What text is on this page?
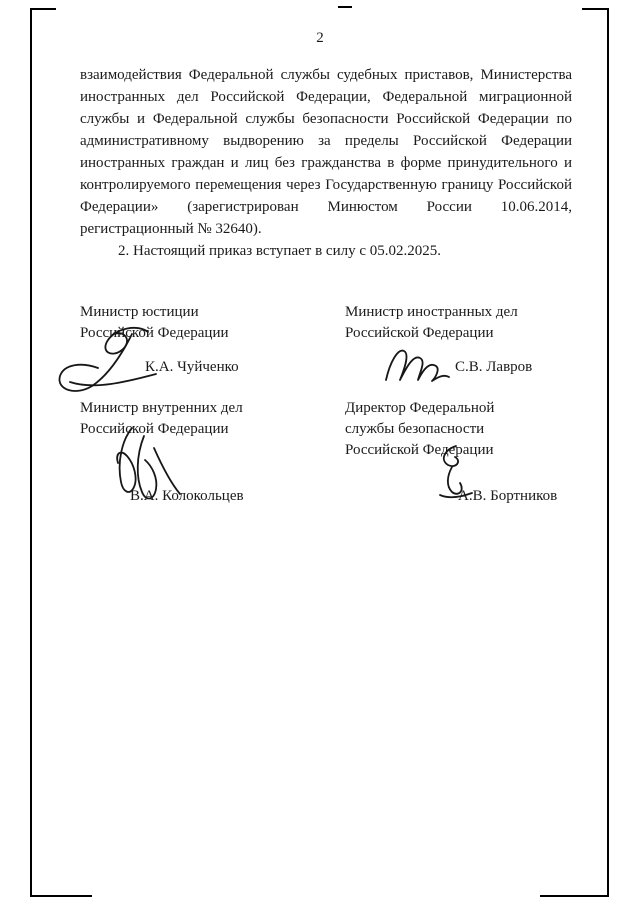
2

взаимодействия Федеральной службы судебных приставов, Министерства иностранных дел Российской Федерации, Федеральной миграционной службы и Федеральной службы безопасности Российской Федерации по административному выдворению за пределы Российской Федерации иностранных граждан и лиц без гражданства в форме принудительного и контролируемого перемещения через Государственную границу Российской Федерации» (зарегистрирован Минюстом России 10.06.2014, регистрационный № 32640).

2. Настоящий приказ вступает в силу с 05.02.2025.

Министр юстиции
Российской Федерации
Министр иностранных дел
Российской Федерации
Министр внутренних дел
Российской Федерации
Директор Федеральной
службы безопасности
Российской Федерации
К.А. Чуйченко	С.В. Лавров
В.А. Колокольцев	А.В. Бортников
